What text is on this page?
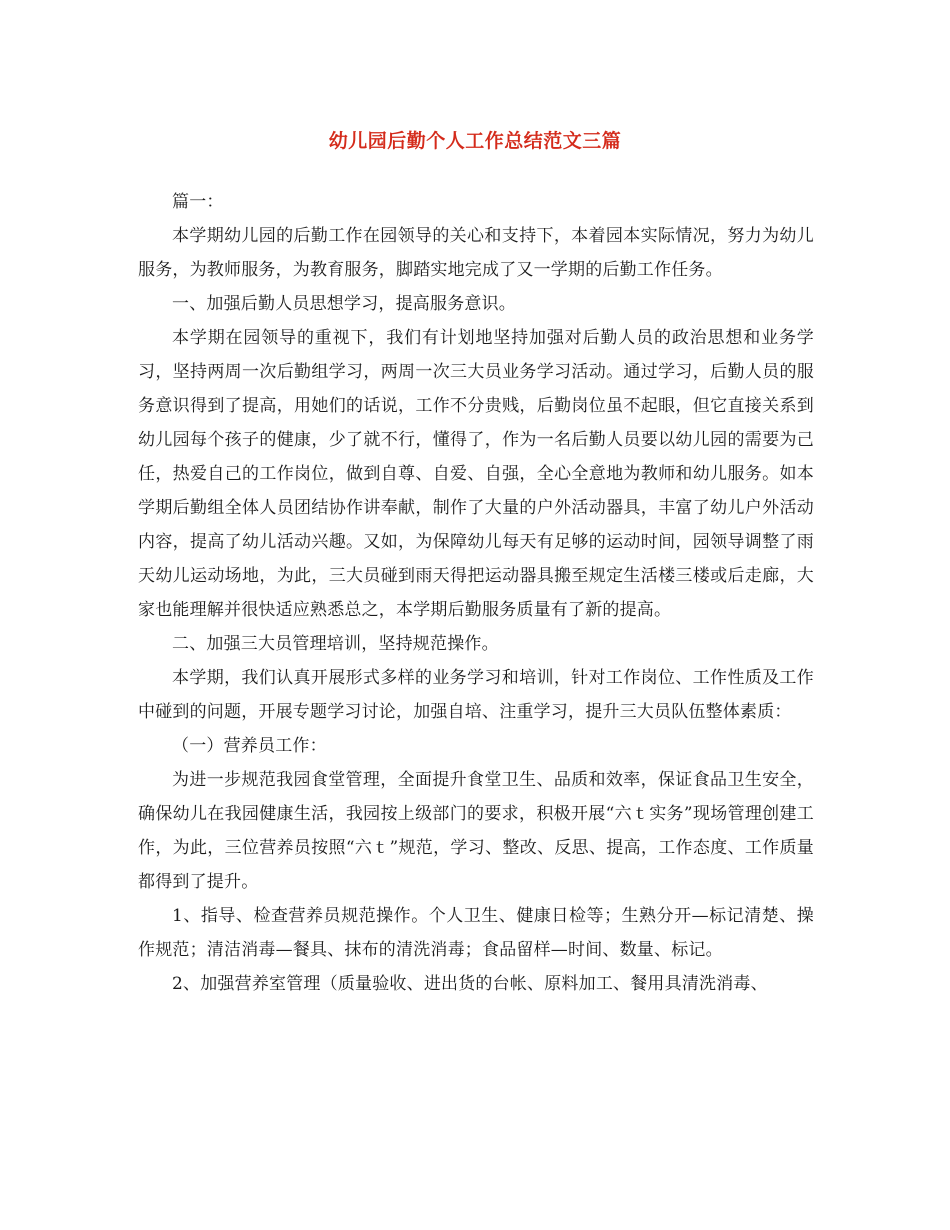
幼儿园后勤个人工作总结范文三篇

篇一：

本学期幼儿园的后勤工作在园领导的关心和支持下，本着园本实际情况，努力为幼儿服务，为教师服务，为教育服务，脚踏实地完成了又一学期的后勤工作任务。

一、加强后勤人员思想学习，提高服务意识。

本学期在园领导的重视下，我们有计划地坚持加强对后勤人员的政治思想和业务学习，坚持两周一次后勤组学习，两周一次三大员业务学习活动。通过学习，后勤人员的服务意识得到了提高，用她们的话说，工作不分贵贱，后勤岗位虽不起眼，但它直接关系到幼儿园每个孩子的健康，少了就不行，懂得了，作为一名后勤人员要以幼儿园的需要为己任，热爱自己的工作岗位，做到自尊、自爱、自强，全心全意地为教师和幼儿服务。如本学期后勤组全体人员团结协作讲奉献，制作了大量的户外活动器具，丰富了幼儿户外活动内容，提高了幼儿活动兴趣。又如，为保障幼儿每天有足够的运动时间，园领导调整了雨天幼儿运动场地，为此，三大员碰到雨天得把运动器具搬至规定生活楼三楼或后走廊，大家也能理解并很快适应熟悉总之，本学期后勤服务质量有了新的提高。

二、加强三大员管理培训，坚持规范操作。

本学期，我们认真开展形式多样的业务学习和培训，针对工作岗位、工作性质及工作中碰到的问题，开展专题学习讨论，加强自培、注重学习，提升三大员队伍整体素质：

（一）营养员工作：

为进一步规范我园食堂管理，全面提升食堂卫生、品质和效率，保证食品卫生安全，确保幼儿在我园健康生活，我园按上级部门的要求，积极开展“六ｔ实务”现场管理创建工作，为此，三位营养员按照“六ｔ”规范，学习、整改、反思、提高，工作态度、工作质量都得到了提升。

1、指导、检查营养员规范操作。个人卫生、健康日检等；生熟分开—标记清楚、操作规范；清洁消毒—餐具、抹布的清洗消毒；食品留样—时间、数量、标记。

2、加强营养室管理（质量验收、进出货的台帐、原料加工、餐用具清洗消毒、
